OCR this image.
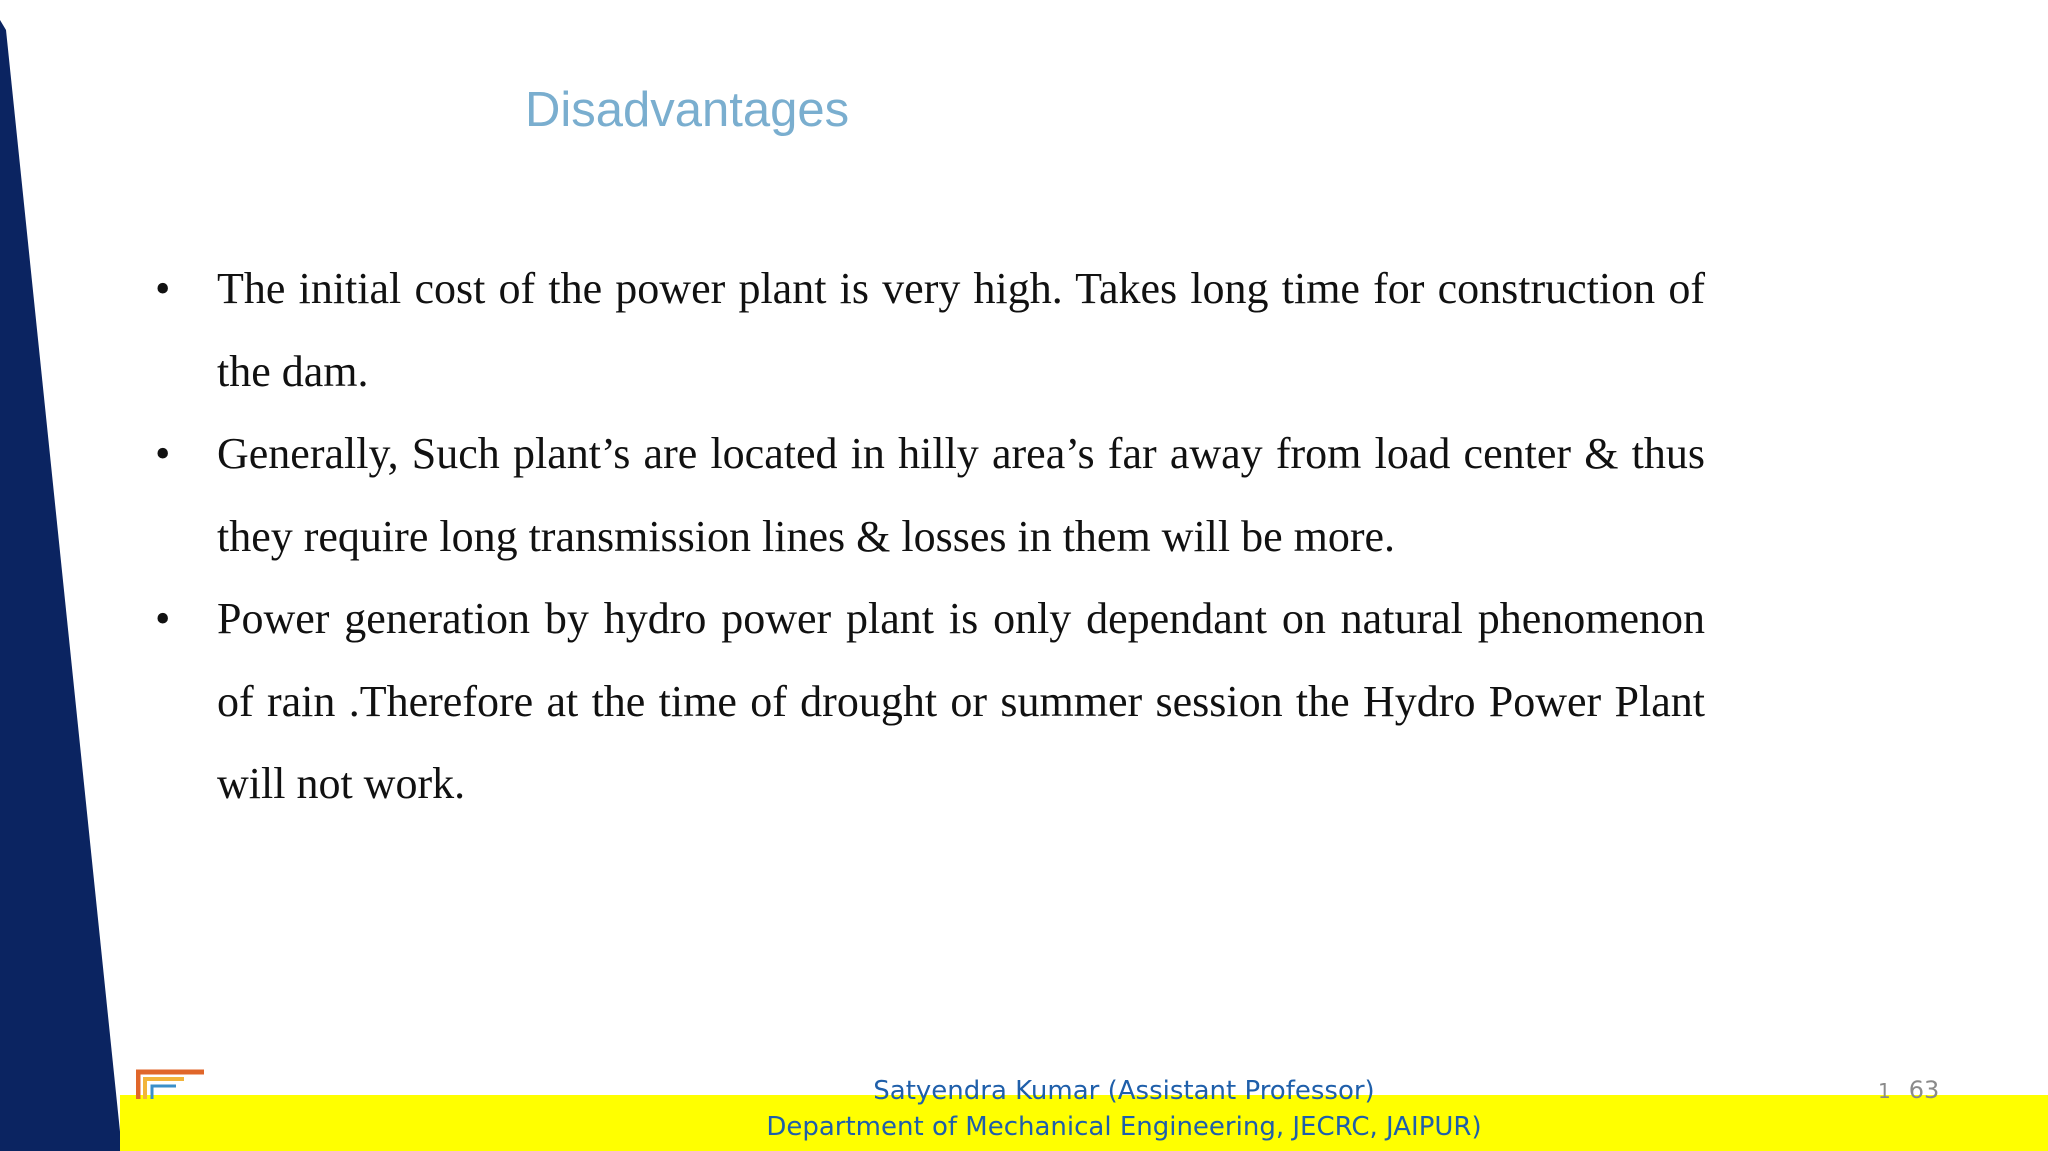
Disadvantages
•	The initial cost of the power plant is very high. Takes long time for construction of the dam.
•	Generally, Such plant’s are located in hilly area’s far away from load center & thus they require long transmission lines & losses in them will be more.
•	Power generation by hydro power plant is only dependant on natural phenomenon of rain .Therefore at the time of drought or summer session the Hydro Power Plant will not work.
Satyendra Kumar (Assistant Professor)
Department of Mechanical Engineering, JECRC, JAIPUR)
1 63
